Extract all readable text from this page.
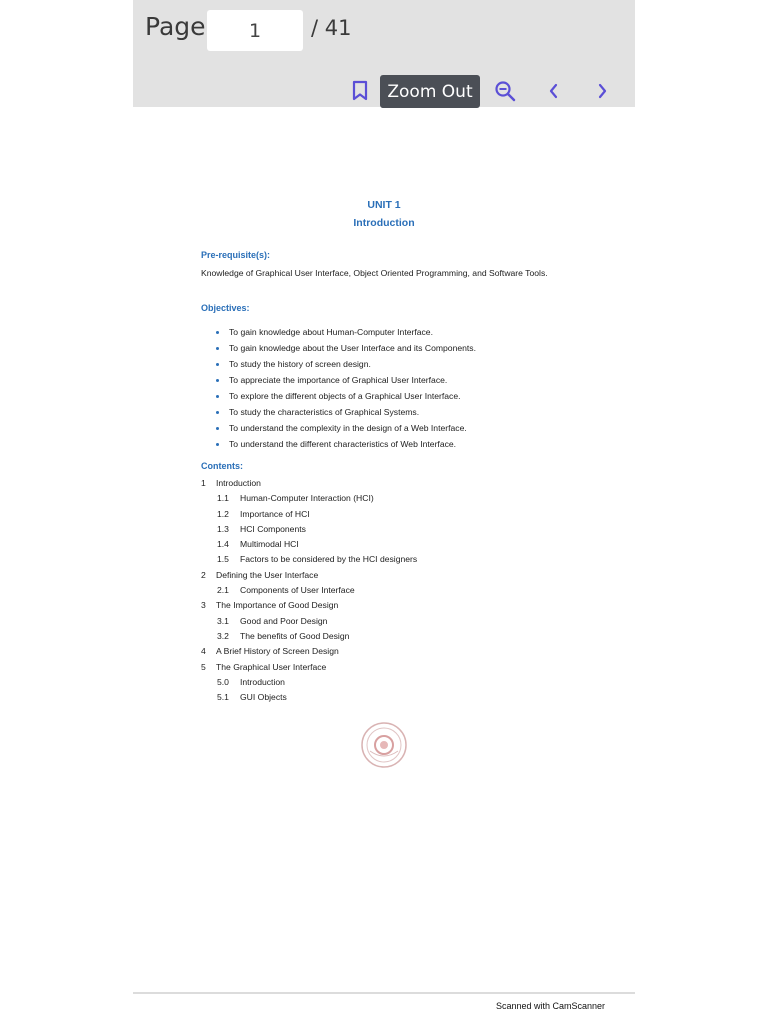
Page
1	/ 41
Zoom Out
UNIT 1
Introduction
Pre-requisite(s):
Knowledge of Graphical User Interface, Object Oriented Programming, and Software Tools.
Objectives:
To gain knowledge about Human-Computer Interface.
To gain knowledge about the User Interface and its Components.
To study the history of screen design.
To appreciate the importance of Graphical User Interface.
To explore the different objects of a Graphical User Interface.
To study the characteristics of Graphical Systems.
To understand the complexity in the design of a Web Interface.
To understand the different characteristics of Web Interface.
Contents:
1 Introduction
1.1 Human-Computer Interaction (HCI)
1.2 Importance of HCI
1.3 HCI Components
1.4 Multimodal HCI
1.5 Factors to be considered by the HCI designers
2 Defining the User Interface
2.1 Components of User Interface
3 The Importance of Good Design
3.1 Good and Poor Design
3.2 The benefits of Good Design
4 A Brief History of Screen Design
5 The Graphical User Interface
5.0 Introduction
5.1 GUI Objects
Scanned with CamScanner
